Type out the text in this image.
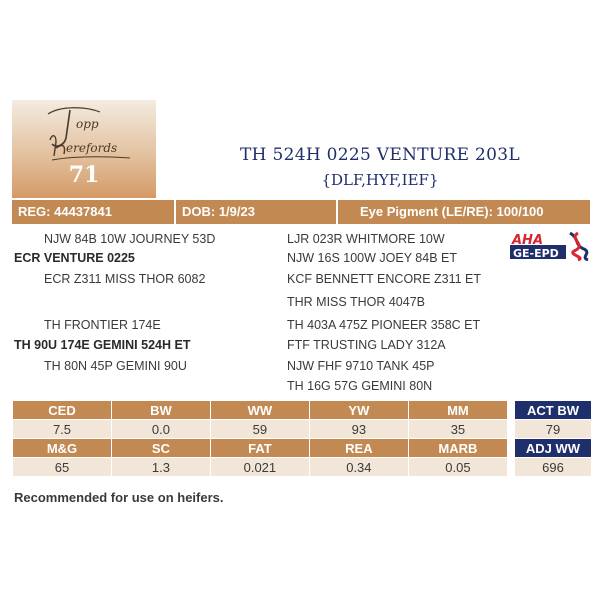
opp
erefords
71
TH 524H 0225 VENTURE 203L
{DLF,HYF,IEF}
REG: 44437841	DOB: 1/9/23	Eye Pigment (LE/RE): 100/100
NJW 84B 10W JOURNEY 53D
ECR VENTURE 0225
ECR Z311 MISS THOR 6082
TH FRONTIER 174E
TH 90U 174E GEMINI 524H ET
TH 80N 45P GEMINI 90U
LJR 023R WHITMORE 10W
NJW 16S 100W JOEY 84B ET
KCF BENNETT ENCORE Z311 ET
THR MISS THOR 4047B
TH 403A 475Z PIONEER 358C ET
FTF TRUSTING LADY 312A
NJW FHF 9710 TANK 45P
TH 16G 57G GEMINI 80N
AHA
GE-EPD
CED	BW	WW	YW	MM
7.5	0.0	59	93	35
M&G	SC	FAT	REA	MARB
65	1.3	0.021	0.34	0.05
ACT BW
79
ADJ WW
696
Recommended for use on heifers.
